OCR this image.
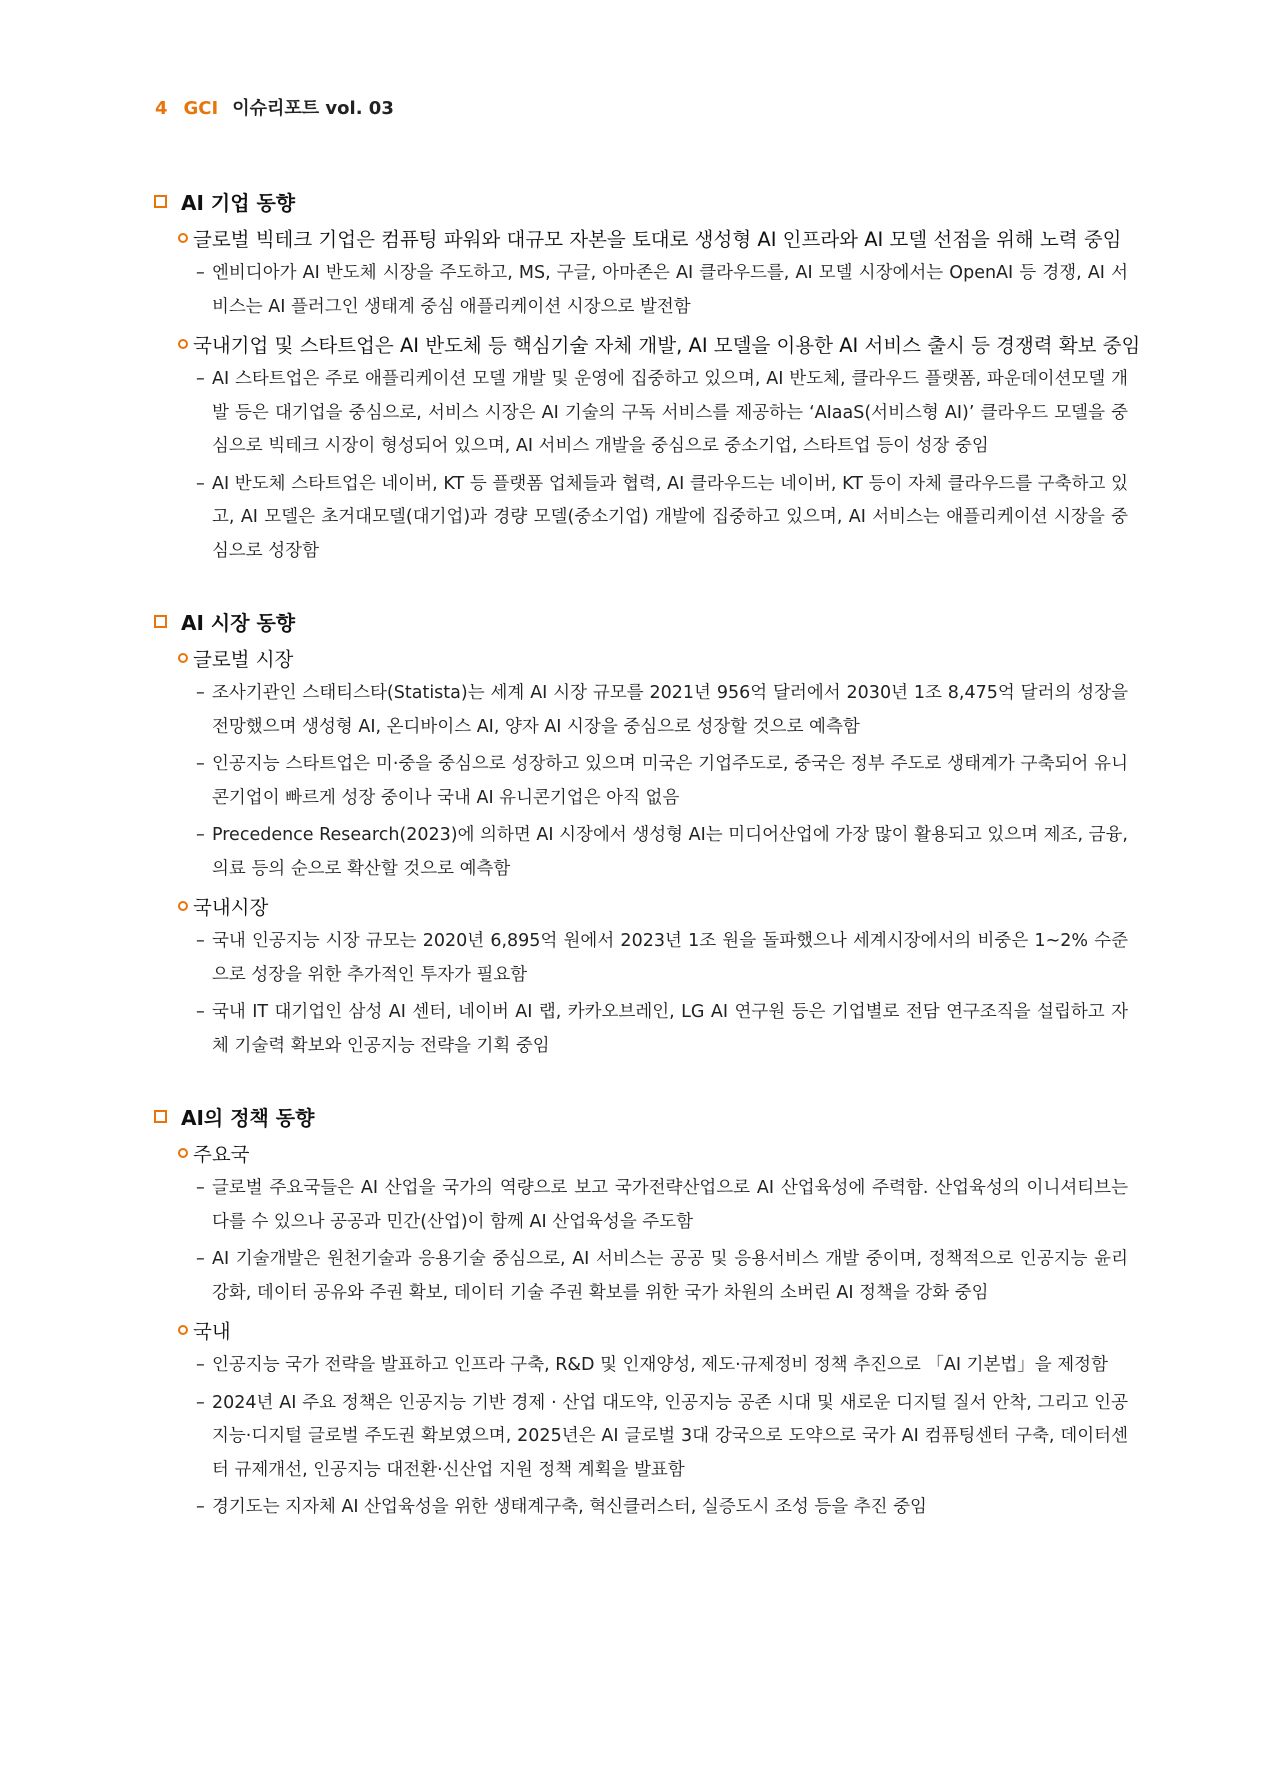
4 GCI 이슈리포트 vol. 03
AI 기업 동향
글로벌 빅테크 기업은 컴퓨팅 파워와 대규모 자본을 토대로 생성형 AI 인프라와 AI 모델 선점을 위해 노력 중임
– 엔비디아가 AI 반도체 시장을 주도하고, MS, 구글, 아마존은 AI 클라우드를, AI 모델 시장에서는 OpenAI 등 경쟁, AI 서비스는 AI 플러그인 생태계 중심 애플리케이션 시장으로 발전함
국내기업 및 스타트업은 AI 반도체 등 핵심기술 자체 개발, AI 모델을 이용한 AI 서비스 출시 등 경쟁력 확보 중임
– AI 스타트업은 주로 애플리케이션 모델 개발 및 운영에 집중하고 있으며, AI 반도체, 클라우드 플랫폼, 파운데이션모델 개발 등은 대기업을 중심으로, 서비스 시장은 AI 기술의 구독 서비스를 제공하는 ‘AIaaS(서비스형 AI)’ 클라우드 모델을 중심으로 빅테크 시장이 형성되어 있으며, AI 서비스 개발을 중심으로 중소기업, 스타트업 등이 성장 중임
– AI 반도체 스타트업은 네이버, KT 등 플랫폼 업체들과 협력, AI 클라우드는 네이버, KT 등이 자체 클라우드를 구축하고 있고, AI 모델은 초거대모델(대기업)과 경량 모델(중소기업) 개발에 집중하고 있으며, AI 서비스는 애플리케이션 시장을 중심으로 성장함
AI 시장 동향
글로벌 시장
– 조사기관인 스태티스타(Statista)는 세계 AI 시장 규모를 2021년 956억 달러에서 2030년 1조 8,475억 달러의 성장을 전망했으며 생성형 AI, 온디바이스 AI, 양자 AI 시장을 중심으로 성장할 것으로 예측함
– 인공지능 스타트업은 미·중을 중심으로 성장하고 있으며 미국은 기업주도로, 중국은 정부 주도로 생태계가 구축되어 유니콘기업이 빠르게 성장 중이나 국내 AI 유니콘기업은 아직 없음
– Precedence Research(2023)에 의하면 AI 시장에서 생성형 AI는 미디어산업에 가장 많이 활용되고 있으며 제조, 금융, 의료 등의 순으로 확산할 것으로 예측함
국내시장
– 국내 인공지능 시장 규모는 2020년 6,895억 원에서 2023년 1조 원을 돌파했으나 세계시장에서의 비중은 1~2% 수준으로 성장을 위한 추가적인 투자가 필요함
– 국내 IT 대기업인 삼성 AI 센터, 네이버 AI 랩, 카카오브레인, LG AI 연구원 등은 기업별로 전담 연구조직을 설립하고 자체 기술력 확보와 인공지능 전략을 기획 중임
AI의 정책 동향
주요국
– 글로벌 주요국들은 AI 산업을 국가의 역량으로 보고 국가전략산업으로 AI 산업육성에 주력함. 산업육성의 이니셔티브는 다를 수 있으나 공공과 민간(산업)이 함께 AI 산업육성을 주도함
– AI 기술개발은 원천기술과 응용기술 중심으로, AI 서비스는 공공 및 응용서비스 개발 중이며, 정책적으로 인공지능 윤리 강화, 데이터 공유와 주권 확보, 데이터 기술 주권 확보를 위한 국가 차원의 소버린 AI 정책을 강화 중임
국내
– 인공지능 국가 전략을 발표하고 인프라 구축, R&D 및 인재양성, 제도·규제정비 정책 추진으로 「AI 기본법」을 제정함
– 2024년 AI 주요 정책은 인공지능 기반 경제 · 산업 대도약, 인공지능 공존 시대 및 새로운 디지털 질서 안착, 그리고 인공지능·디지털 글로벌 주도권 확보였으며, 2025년은 AI 글로벌 3대 강국으로 도약으로 국가 AI 컴퓨팅센터 구축, 데이터센터 규제개선, 인공지능 대전환·신산업 지원 정책 계획을 발표함
– 경기도는 지자체 AI 산업육성을 위한 생태계구축, 혁신클러스터, 실증도시 조성 등을 추진 중임
